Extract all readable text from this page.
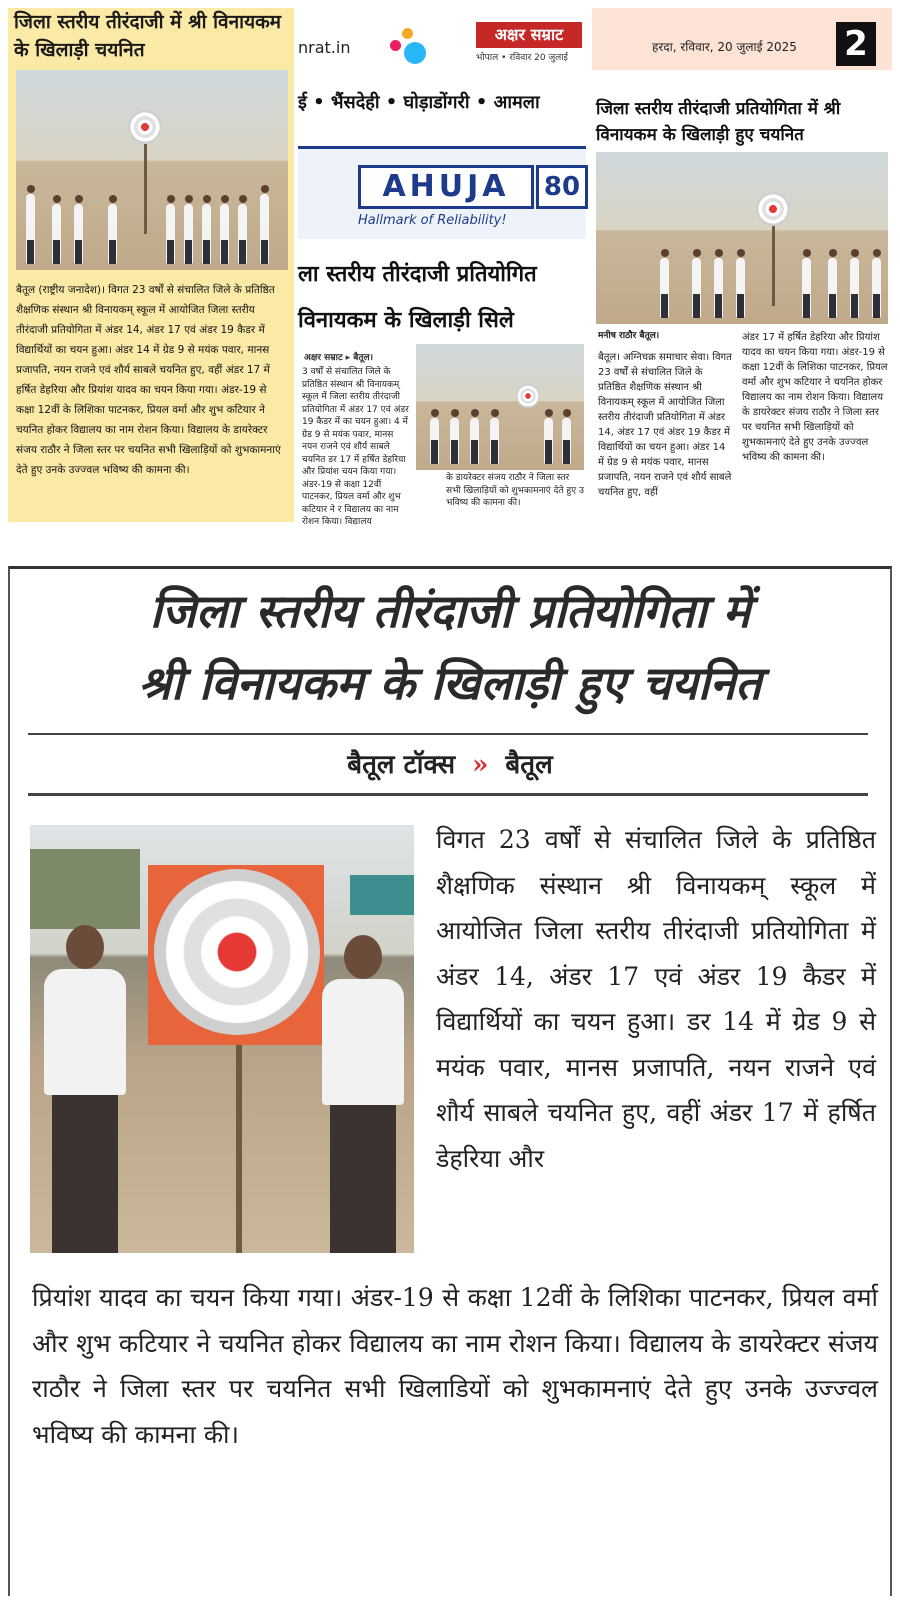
जिला स्तरीय तीरंदाजी में श्री विनायकम के खिलाड़ी चयनित
बैतूल (राष्ट्रीय जनादेश)। विगत 23 वर्षों से संचालित जिले के प्रतिष्ठित शैक्षणिक संस्थान श्री विनायकम् स्कूल में आयोजित जिला स्तरीय तीरंदाजी प्रतियोगिता में अंडर 14, अंडर 17 एवं अंडर 19 कैडर में विद्यार्थियों का चयन हुआ। अंडर 14 में ग्रेड 9 से मयंक पवार, मानस प्रजापति, नयन राजने एवं शौर्य साबले चयनित हुए, वहीं अंडर 17 में हर्षित डेहरिया और प्रियांश यादव का चयन किया गया। अंडर-19 से कक्षा 12वीं के लिशिका पाटनकर, प्रियल वर्मा और शुभ कटियार ने चयनित होकर विद्यालय का नाम रोशन किया। विद्यालय के डायरेक्टर संजय राठौर ने जिला स्तर पर चयनित सभी खिलाड़ियों को शुभकामनाएं देते हुए उनके उज्ज्वल भविष्य की कामना की।
nrat.in
अक्षर सम्राट
भोपाल • रविवार 20 जुलाई
ई • भैंसदेही • घोड़ाडोंगरी • आमला
AHUJA	80
Hallmark of Reliability!
ला स्तरीय तीरंदाजी प्रतियोगित
विनायकम के खिलाड़ी सिले
अक्षर सम्राट ▸ बैतूल।
3 वर्षों से संचालित जिले के प्रतिष्ठित संस्थान श्री विनायकम् स्कूल में जिला स्तरीय तीरंदाजी प्रतियोगिता में अंडर 17 एवं अंडर 19 कैडर में का चयन हुआ। 4 में ग्रेड 9 से मयंक पवार, मानस नयन राजने एवं शौर्य साबले चयनित डर 17 में हर्षित डेहरिया और प्रियांश चयन किया गया। अंडर-19 से कक्षा 12वीं पाटनकर, प्रियल वर्मा और शुभ कटियार ने र विद्यालय का नाम रोशन किया। विद्यालय
के डायरेक्टर संजय राठौर ने जिला स्तर सभी खिलाड़ियों को शुभकामनाएं देते हुए उ भविष्य की कामना की।
हरदा, रविवार, 20 जुलाई 2025 2
जिला स्तरीय तीरंदाजी प्रतियोगिता में श्री विनायकम के खिलाड़ी हुए चयनित
मनीष राठौर बैतूल।
बैतूल। अग्निचक्र समाचार सेवा। विगत 23 वर्षों से संचालित जिले के प्रतिष्ठित शैक्षणिक संस्थान श्री विनायकम् स्कूल में आयोजित जिला स्तरीय तीरंदाजी प्रतियोगिता में अंडर 14, अंडर 17 एवं अंडर 19 कैडर में विद्यार्थियों का चयन हुआ। अंडर 14 में ग्रेड 9 से मयंक पवार, मानस प्रजापति, नयन राजने एवं शौर्य साबले चयनित हुए, वहीं
अंडर 17 में हर्षित डेहरिया और प्रियांश यादव का चयन किया गया। अंडर-19 से कक्षा 12वीं के लिशिका पाटनकर, प्रियल वर्मा और शुभ कटियार ने चयनित होकर विद्यालय का नाम रोशन किया। विद्यालय के डायरेक्टर संजय राठौर ने जिला स्तर पर चयनित सभी खिलाड़ियों को शुभकामनाएं देते हुए उनके उज्ज्वल भविष्य की कामना की।
जिला स्तरीय तीरंदाजी प्रतियोगिता में
श्री विनायकम के खिलाड़ी हुए चयनित
बैतूल टॉक्स » बैतूल
विगत 23 वर्षों से संचालित जिले के प्रतिष्ठित शैक्षणिक संस्थान श्री विनायकम् स्कूल में आयोजित जिला स्तरीय तीरंदाजी प्रतियोगिता में अंडर 14, अंडर 17 एवं अंडर 19 कैडर में विद्यार्थियों का चयन हुआ। डर 14 में ग्रेड 9 से मयंक पवार, मानस प्रजापति, नयन राजने एवं शौर्य साबले चयनित हुए, वहीं अंडर 17 में हर्षित डेहरिया और
प्रियांश यादव का चयन किया गया। अंडर-19 से कक्षा 12वीं के लिशिका पाटनकर, प्रियल वर्मा और शुभ कटियार ने चयनित होकर विद्यालय का नाम रोशन किया। विद्यालय के डायरेक्टर संजय राठौर ने जिला स्तर पर चयनित सभी खिलाडियों को शुभकामनाएं देते हुए उनके उज्ज्वल भविष्य की कामना की।
